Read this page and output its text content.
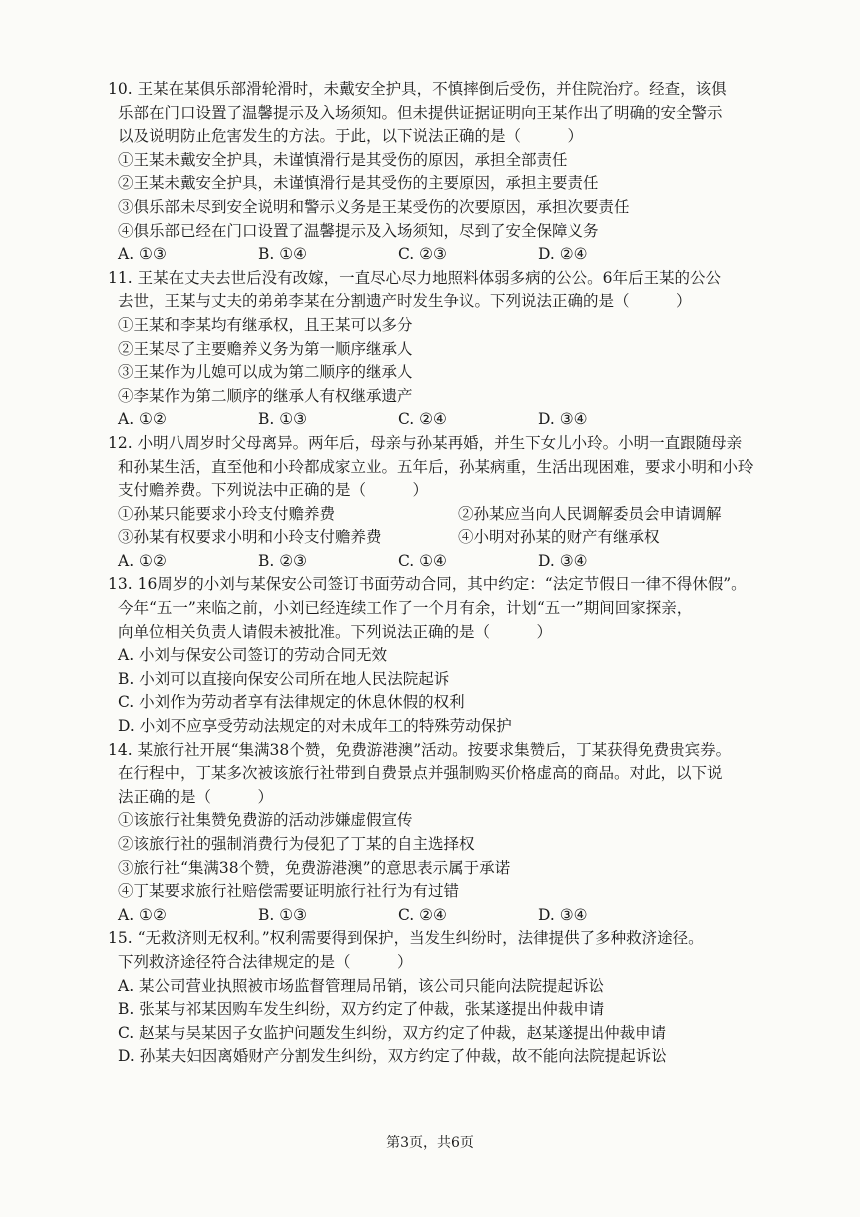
10. 王某在某俱乐部滑轮滑时，未戴安全护具，不慎摔倒后受伤，并住院治疗。经查，该俱
乐部在门口设置了温馨提示及入场须知。但未提供证据证明向王某作出了明确的安全警示
以及说明防止危害发生的方法。于此，以下说法正确的是（　　　）
①王某未戴安全护具，未谨慎滑行是其受伤的原因，承担全部责任
②王某未戴安全护具，未谨慎滑行是其受伤的主要原因，承担主要责任
③俱乐部未尽到安全说明和警示义务是王某受伤的次要原因，承担次要责任
④俱乐部已经在门口设置了温馨提示及入场须知，尽到了安全保障义务
A. ①③	B. ①④	C. ②③	D. ②④
11. 王某在丈夫去世后没有改嫁，一直尽心尽力地照料体弱多病的公公。6年后王某的公公
去世，王某与丈夫的弟弟李某在分割遗产时发生争议。下列说法正确的是（　　　）
①王某和李某均有继承权，且王某可以多分
②王某尽了主要赡养义务为第一顺序继承人
③王某作为儿媳可以成为第二顺序的继承人
④李某作为第二顺序的继承人有权继承遗产
A. ①②	B. ①③	C. ②④	D. ③④
12. 小明八周岁时父母离异。两年后，母亲与孙某再婚，并生下女儿小玲。小明一直跟随母亲
和孙某生活，直至他和小玲都成家立业。五年后，孙某病重，生活出现困难，要求小明和小玲
支付赡养费。下列说法中正确的是（　　　）
①孙某只能要求小玲支付赡养费	②孙某应当向人民调解委员会申请调解
③孙某有权要求小明和小玲支付赡养费	④小明对孙某的财产有继承权
A. ①②	B. ②③	C. ①④	D. ③④
13. 16周岁的小刘与某保安公司签订书面劳动合同，其中约定：“法定节假日一律不得休假”。
今年“五一”来临之前，小刘已经连续工作了一个月有余，计划“五一”期间回家探亲，
向单位相关负责人请假未被批准。下列说法正确的是（　　　）
A. 小刘与保安公司签订的劳动合同无效
B. 小刘可以直接向保安公司所在地人民法院起诉
C. 小刘作为劳动者享有法律规定的休息休假的权利
D. 小刘不应享受劳动法规定的对未成年工的特殊劳动保护
14. 某旅行社开展“集满38个赞，免费游港澳”活动。按要求集赞后，丁某获得免费贵宾券。
在行程中，丁某多次被该旅行社带到自费景点并强制购买价格虚高的商品。对此，以下说
法正确的是（　　　）
①该旅行社集赞免费游的活动涉嫌虚假宣传
②该旅行社的强制消费行为侵犯了丁某的自主选择权
③旅行社“集满38个赞，免费游港澳”的意思表示属于承诺
④丁某要求旅行社赔偿需要证明旅行社行为有过错
A. ①②	B. ①③	C. ②④	D. ③④
15. “无救济则无权利。”权利需要得到保护，当发生纠纷时，法律提供了多种救济途径。
下列救济途径符合法律规定的是（　　　）
A. 某公司营业执照被市场监督管理局吊销，该公司只能向法院提起诉讼
B. 张某与祁某因购车发生纠纷，双方约定了仲裁，张某遂提出仲裁申请
C. 赵某与吴某因子女监护问题发生纠纷，双方约定了仲裁，赵某遂提出仲裁申请
D. 孙某夫妇因离婚财产分割发生纠纷，双方约定了仲裁，故不能向法院提起诉讼
第3页，共6页
